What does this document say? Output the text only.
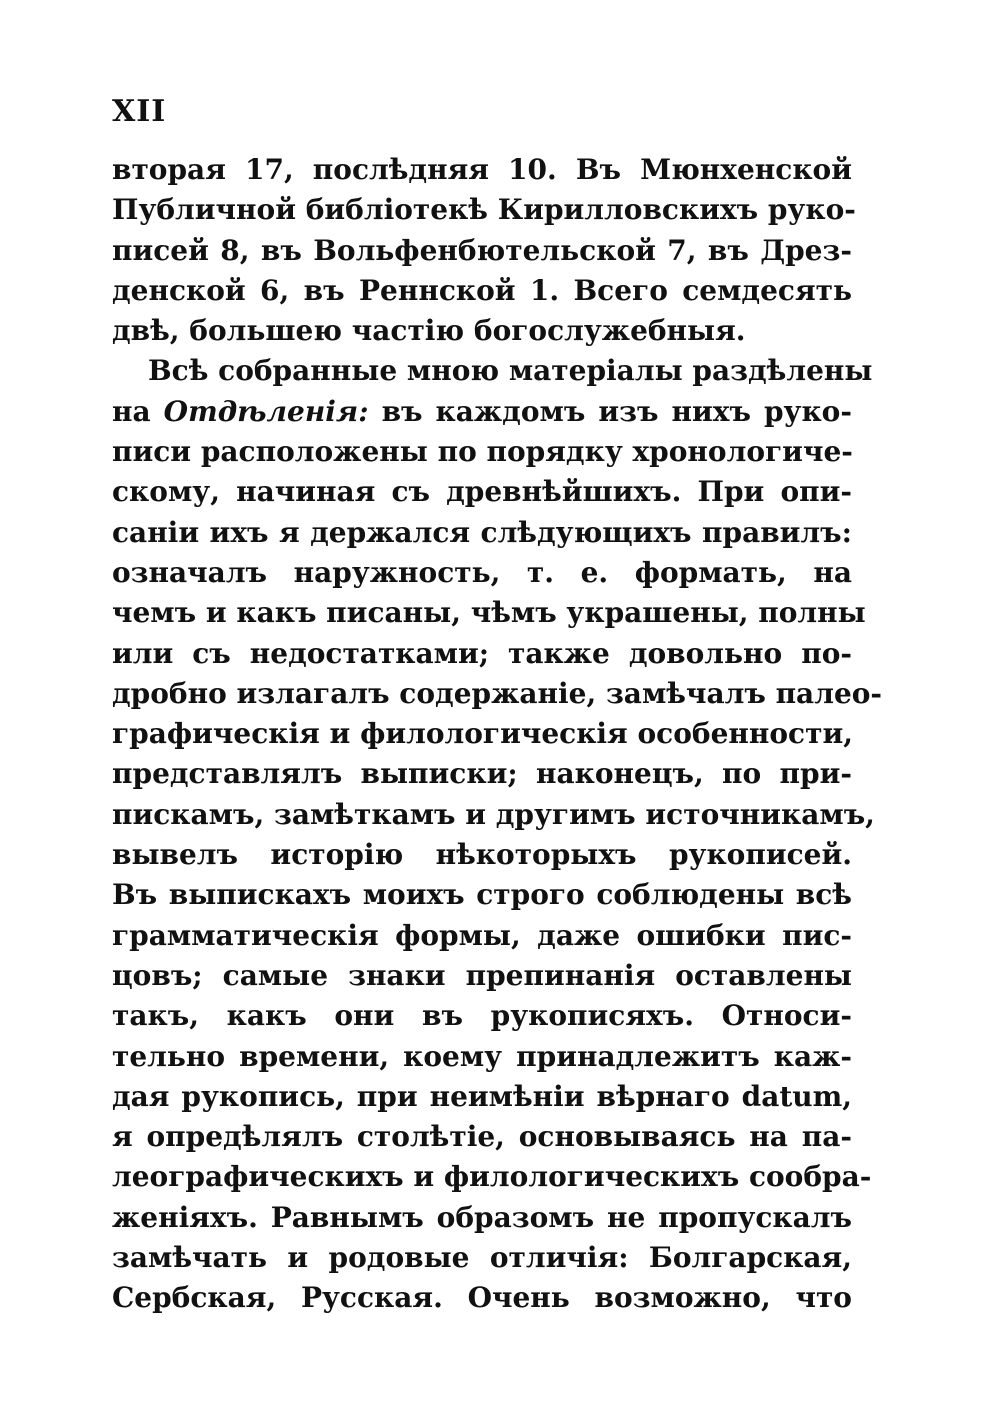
XII
вторая 17, послѣдняя 10. Въ Мюнхенской
Публичной библіотекѣ Кирилловскихъ руко-
писей 8, въ Вольфенбютельской 7, въ Дрез-
денской 6, въ Реннской 1. Всего семдесять
двѣ, большею частію богослужебныя.
Всѣ собранные мною матеріалы раздѣлены
на Отдѣленія: въ каждомъ изъ нихъ руко-
писи расположены по порядку хронологиче-
скому, начиная съ древнѣйшихъ. При опи-
саніи ихъ я держался слѣдующихъ правилъ:
означалъ наружность, т. е. формать, на
чемъ и какъ писаны, чѣмъ украшены, полны
или съ недостатками; также довольно по-
дробно излагалъ содержаніе, замѣчалъ палео-
графическія и филологическія особенности,
представлялъ выписки; наконецъ, по при-
пискамъ, замѣткамъ и другимъ источникамъ,
вывелъ исторію нѣкоторыхъ рукописей.
Въ выпискахъ моихъ строго соблюдены всѣ
грамматическія формы, даже ошибки пис-
цовъ; самые знаки препинанія оставлены
такъ, какъ они въ рукописяхъ. Относи-
тельно времени, коему принадлежитъ каж-
дая рукопись, при неимѣніи вѣрнаго datum,
я опредѣлялъ столѣтіе, основываясь на па-
леографическихъ и филологическихъ сообра-
женіяхъ. Равнымъ образомъ не пропускалъ
замѣчать и родовые отличія: Болгарская,
Сербская, Русская. Очень возможно, что
